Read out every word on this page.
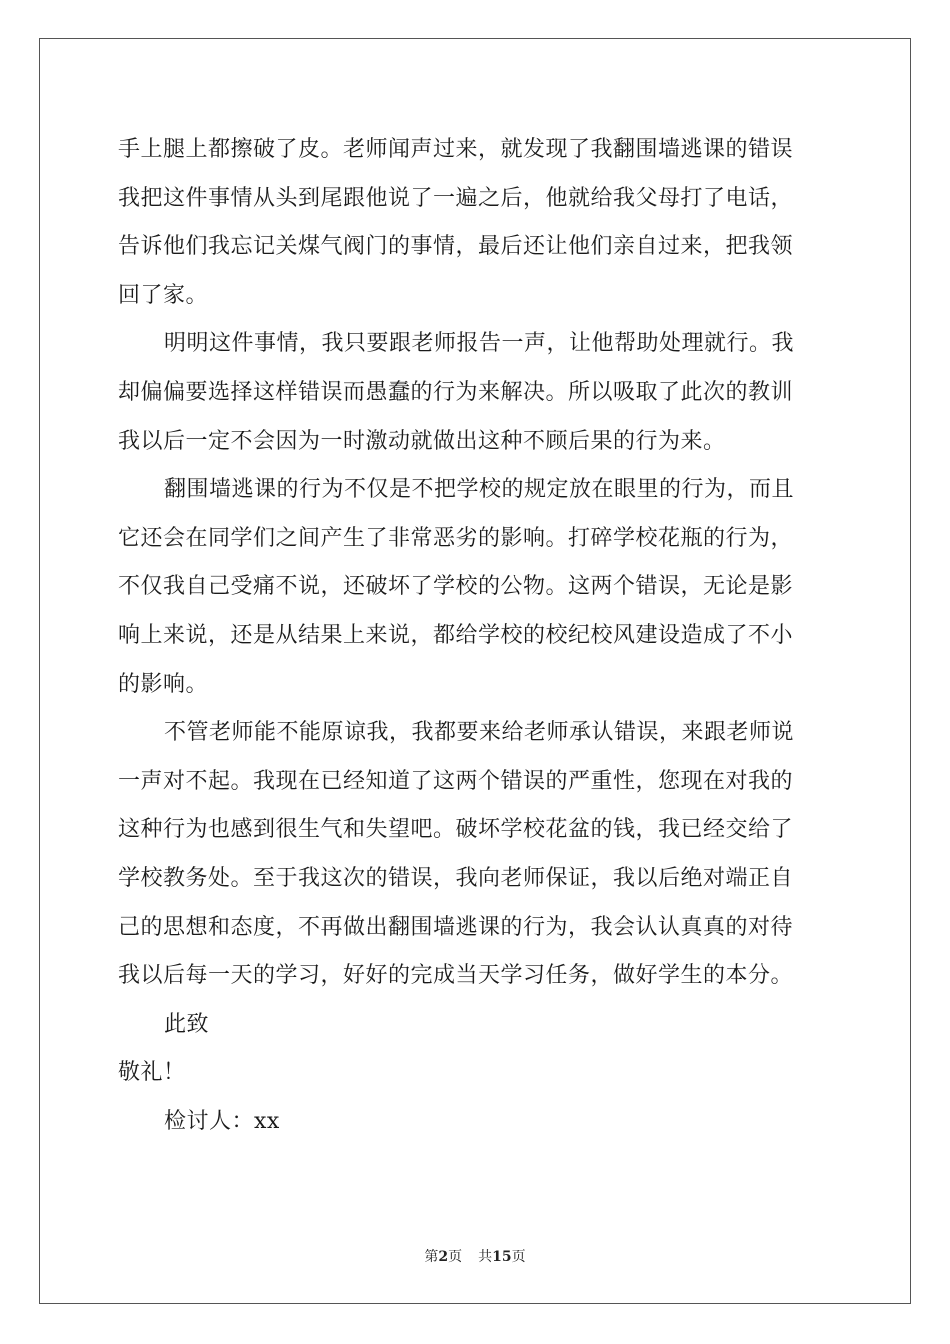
手上腿上都擦破了皮。老师闻声过来，就发现了我翻围墙逃课的错误
我把这件事情从头到尾跟他说了一遍之后，他就给我父母打了电话，
告诉他们我忘记关煤气阀门的事情，最后还让他们亲自过来，把我领
回了家。
明明这件事情，我只要跟老师报告一声，让他帮助处理就行。我
却偏偏要选择这样错误而愚蠢的行为来解决。所以吸取了此次的教训
我以后一定不会因为一时激动就做出这种不顾后果的行为来。
翻围墙逃课的行为不仅是不把学校的规定放在眼里的行为，而且
它还会在同学们之间产生了非常恶劣的影响。打碎学校花瓶的行为，
不仅我自己受痛不说，还破坏了学校的公物。这两个错误，无论是影
响上来说，还是从结果上来说，都给学校的校纪校风建设造成了不小
的影响。
不管老师能不能原谅我，我都要来给老师承认错误，来跟老师说
一声对不起。我现在已经知道了这两个错误的严重性，您现在对我的
这种行为也感到很生气和失望吧。破坏学校花盆的钱，我已经交给了
学校教务处。至于我这次的错误，我向老师保证，我以后绝对端正自
己的思想和态度，不再做出翻围墙逃课的行为，我会认认真真的对待
我以后每一天的学习，好好的完成当天学习任务，做好学生的本分。
此致
敬礼！
检讨人：xx
第2页 共15页
